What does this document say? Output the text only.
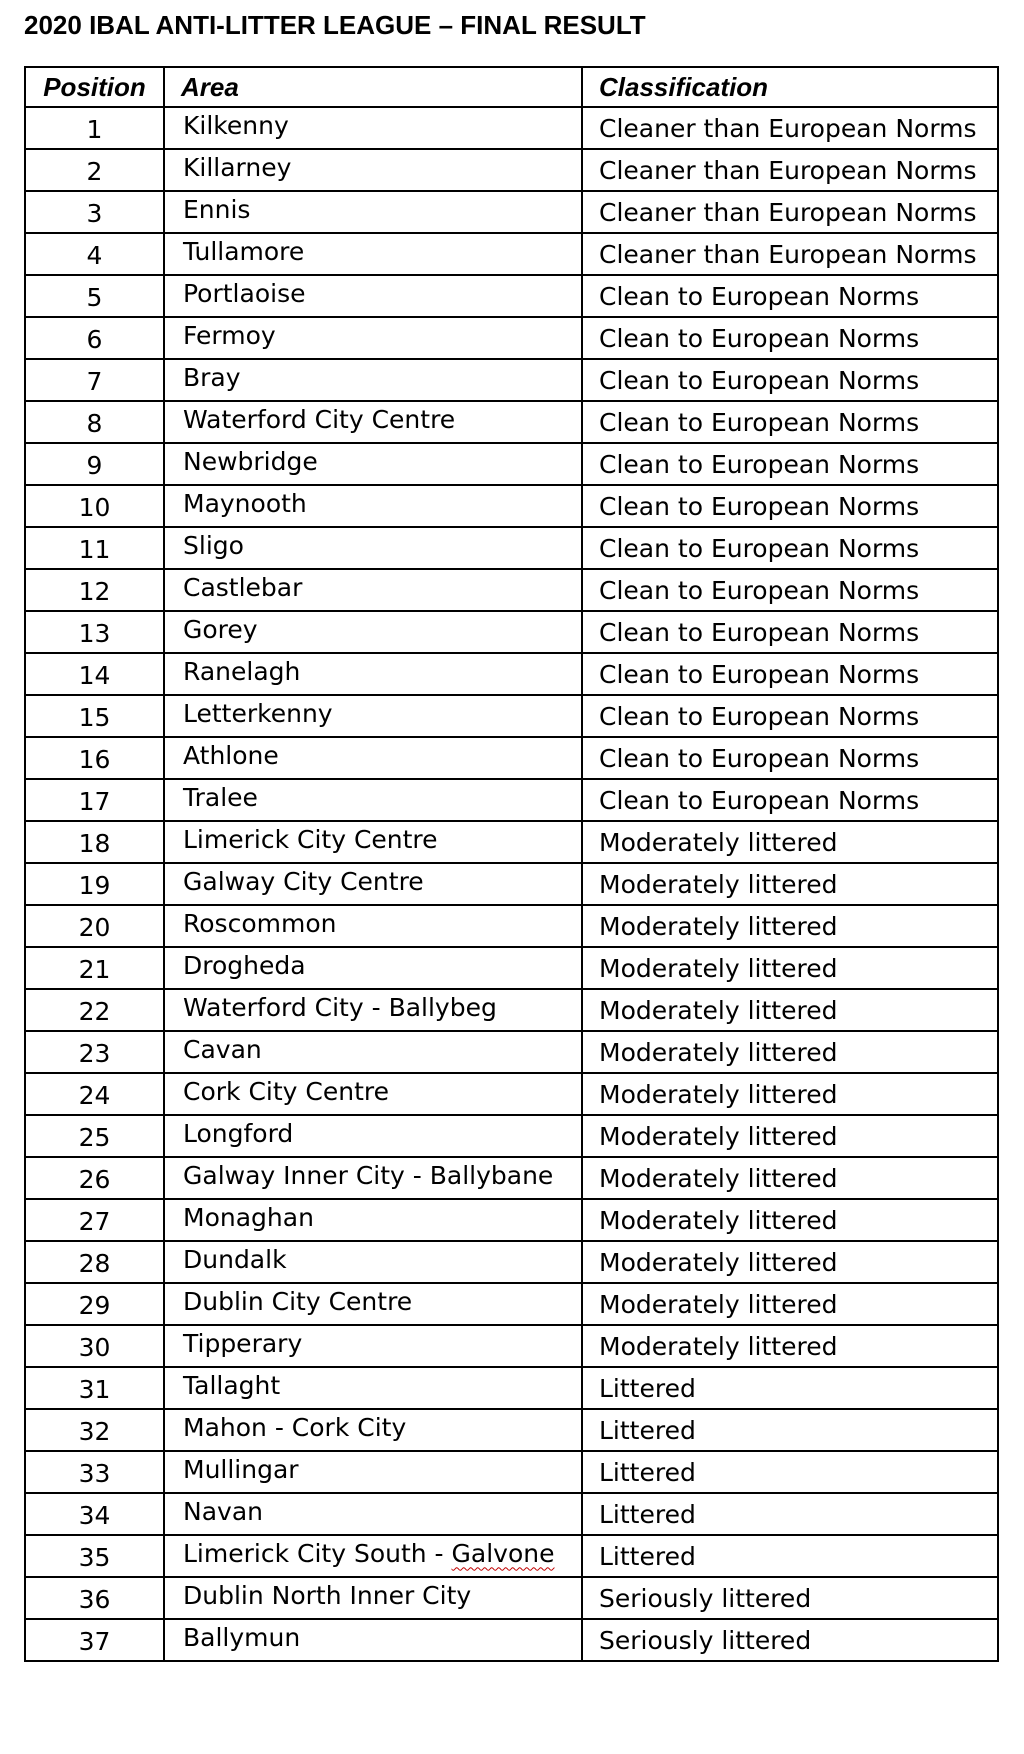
2020 IBAL ANTI-LITTER LEAGUE – FINAL RESULT
Position	Area	Classification
1	Kilkenny	Cleaner than European Norms
2	Killarney	Cleaner than European Norms
3	Ennis	Cleaner than European Norms
4	Tullamore	Cleaner than European Norms
5	Portlaoise	Clean to European Norms
6	Fermoy	Clean to European Norms
7	Bray	Clean to European Norms
8	Waterford City Centre	Clean to European Norms
9	Newbridge	Clean to European Norms
10	Maynooth	Clean to European Norms
11	Sligo	Clean to European Norms
12	Castlebar	Clean to European Norms
13	Gorey	Clean to European Norms
14	Ranelagh	Clean to European Norms
15	Letterkenny	Clean to European Norms
16	Athlone	Clean to European Norms
17	Tralee	Clean to European Norms
18	Limerick City Centre	Moderately littered
19	Galway City Centre	Moderately littered
20	Roscommon	Moderately littered
21	Drogheda	Moderately littered
22	Waterford City - Ballybeg	Moderately littered
23	Cavan	Moderately littered
24	Cork City Centre	Moderately littered
25	Longford	Moderately littered
26	Galway Inner City - Ballybane	Moderately littered
27	Monaghan	Moderately littered
28	Dundalk	Moderately littered
29	Dublin City Centre	Moderately littered
30	Tipperary	Moderately littered
31	Tallaght	Littered
32	Mahon - Cork City	Littered
33	Mullingar	Littered
34	Navan	Littered
35	Limerick City South - Galvone	Littered
36	Dublin North Inner City	Seriously littered
37	Ballymun	Seriously littered
